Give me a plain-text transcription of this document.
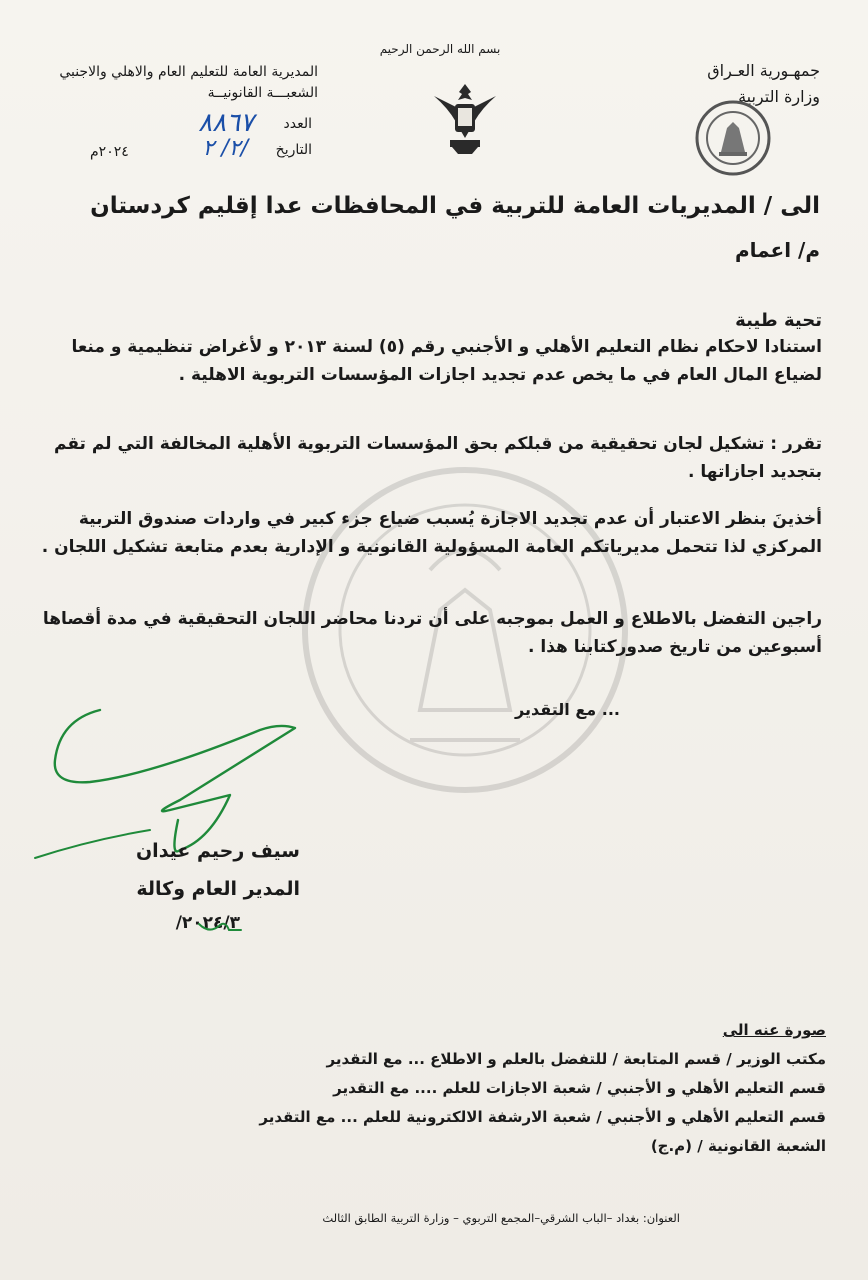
بسم الله الرحمن الرحيم
جمهـورية العـراق
وزارة التربية
المديرية العامة للتعليم العام والاهلي والاجنبي
الشعبـــة القانونيــة
العدد
٨٨٦٧
التاريخ
٢/ ٢/
٢٠٢٤م
الى / المديريات العامة للتربية في المحافظات عدا إقليم كردستان
م/ اعمام
تحية طيبة
استنادا لاحكام نظام التعليم الأهلي و الأجنبي رقم (٥) لسنة ٢٠١٣ و لأغراض تنظيمية و منعا لضياع المال العام في ما يخص عدم تجديد اجازات المؤسسات التربوية الاهلية .
تقرر : تشكيل لجان تحقيقية من قبلكم بحق المؤسسات التربوية الأهلية المخالفة التي لم تقم بتجديد اجازاتها .
أخذينَ بنظر الاعتبار أن عدم تجديد الاجازة يُسبب ضياع جزء كبير في واردات صندوق التربية المركزي لذا تتحمل مديرياتكم العامة المسؤولية القانونية و الإدارية بعدم متابعة تشكيل اللجان .
راجين التفضل بالاطلاع و العمل بموجبه على أن تردنا محاضر اللجان التحقيقية في مدة أقصاها أسبوعين من تاريخ صدوركتابنا هذا .
... مع التقدير
سيف رحيم عيدان
المدير العام وكالة
٢٠٢٤/٣/
صورة عنه الى
مكتب الوزير / قسم المتابعة / للتفضل بالعلم و الاطلاع ... مع التقدير
قسم التعليم الأهلي و الأجنبي / شعبة الاجازات للعلم .... مع التقدير
قسم التعليم الأهلي و الأجنبي / شعبة الارشفة الالكترونية للعلم ... مع التقدير
الشعبة القانونية / (م.ج)
العنوان: بغداد –الباب الشرقي–المجمع التربوي – وزارة التربية الطابق الثالث
